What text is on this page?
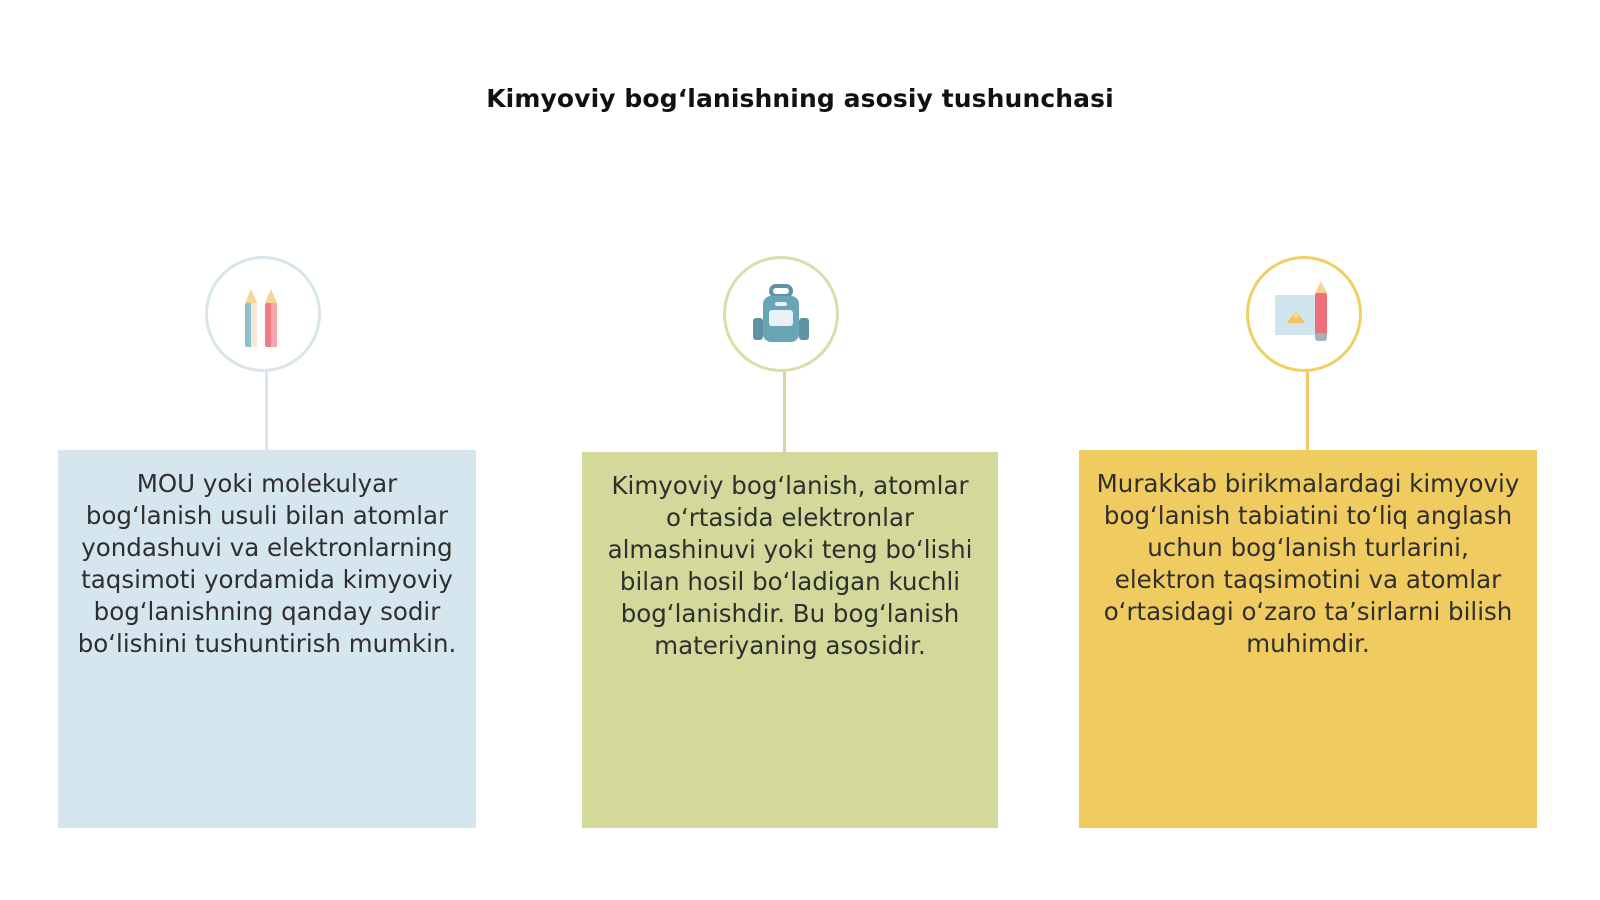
Kimyoviy bog‘lanishning asosiy tushunchasi
MOU yoki molekulyar bog‘lanish usuli bilan atomlar yondashuvi va elektronlarning taqsimoti yordamida kimyoviy bog‘lanishning qanday sodir bo‘lishini tushuntirish mumkin.
Kimyoviy bog‘lanish, atomlar o‘rtasida elektronlar almashinuvi yoki teng bo‘lishi bilan hosil bo‘ladigan kuchli bog‘lanishdir. Bu bog‘lanish materiyaning asosidir.
Murakkab birikmalardagi kimyoviy bog‘lanish tabiatini to‘liq anglash uchun bog‘lanish turlarini, elektron taqsimotini va atomlar o‘rtasidagi o‘zaro ta’sirlarni bilish muhimdir.
